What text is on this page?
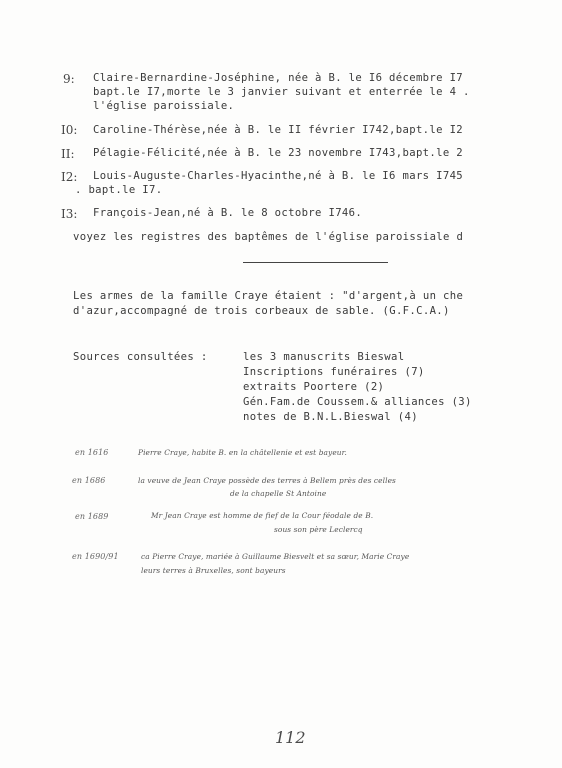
9: Claire-Bernardine-Joséphine, née à B. le I6 décembre I7
bapt.le I7,morte le 3 janvier suivant et enterrée le 4 .
l'église paroissiale.
I0: Caroline-Thérèse,née à B. le II février I742,bapt.le I2
II: Pélagie-Félicité,née à B. le 23 novembre I743,bapt.le 2
I2: Louis-Auguste-Charles-Hyacinthe,né à B. le I6 mars I745
. bapt.le I7.
I3: François-Jean,né à B. le 8 octobre I746.
voyez les registres des baptêmes de l'église paroissiale d
Les armes de la famille Craye étaient : "d'argent,à un che
d'azur,accompagné de trois corbeaux de sable. (G.F.C.A.)
Sources consultées :	les 3 manuscrits Bieswal
Inscriptions funéraires (7)
extraits Poortere (2)
Gén.Fam.de Coussem.& alliances (3)
notes de B.N.L.Bieswal (4)
en 1616	Pierre Craye, habite B. en la châtellenie et est bayeur.
en 1686	la veuve de Jean Craye possède des terres à Bellem près des celles
de la chapelle St Antoine
en 1689	Mr Jean Craye est homme de fief de la Cour féodale de B.
sous son père Leclercq
en 1690/91	ca Pierre Craye, mariée à Guillaume Biesvelt et sa sœur, Marie Craye
leurs terres à Bruxelles, sont bayeurs
112
